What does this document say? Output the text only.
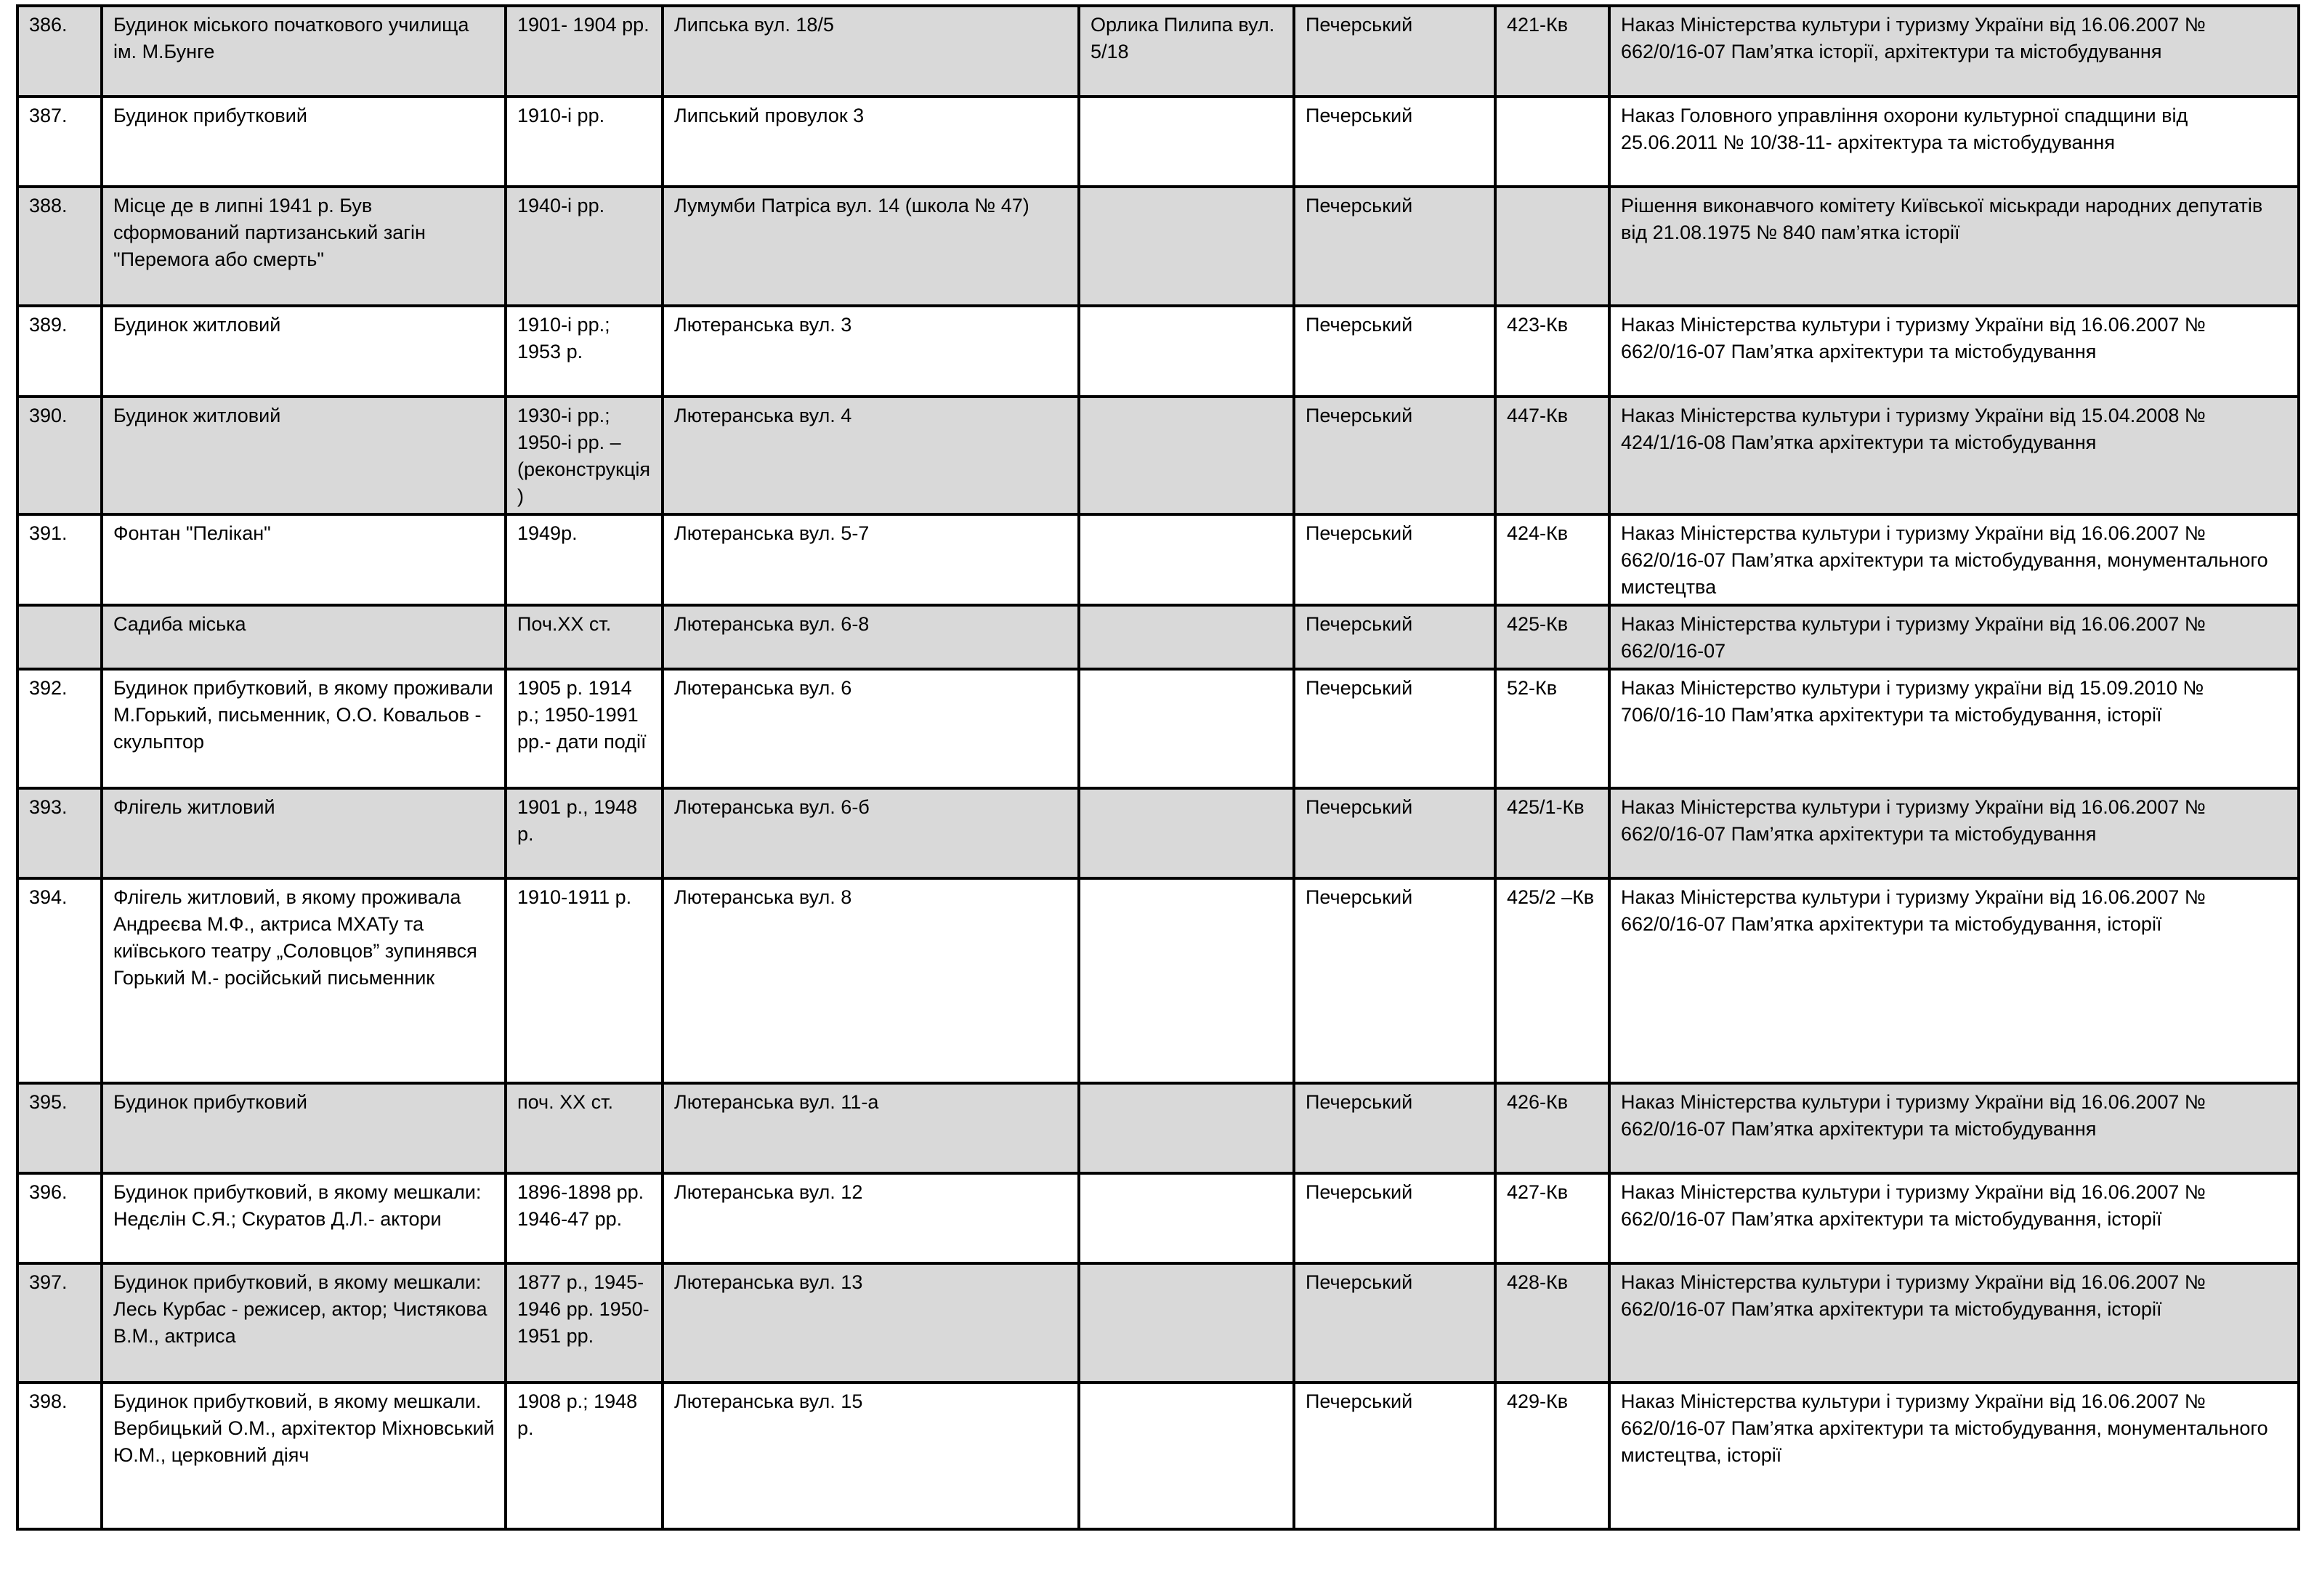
386.	Будинок міського початкового училища ім. М.Бунге	1901- 1904 рр.	Липська вул. 18/5	Орлика Пилипа вул. 5/18	Печерський	421-Кв	Наказ Міністерства культури і туризму України від 16.06.2007 № 662/0/16-07 Пам’ятка історії, архітектури та містобудування
387.	Будинок прибутковий	1910-і рр.	Липський провулок 3		Печерський		Наказ Головного управління охорони культурної спадщини від 25.06.2011 № 10/38-11- архітектура та містобудування
388.	Місце де в липні 1941 р. Був сформований партизанський загін "Перемога або смерть"	1940-і рр.	Лумумби Патріса вул. 14 (школа № 47)		Печерський		Рішення виконавчого комітету Київської міськради народних депутатів від 21.08.1975 № 840 пам’ятка історії
389.	Будинок житловий	1910-і рр.; 1953 р.	Лютеранська вул. 3		Печерський	423-Кв	Наказ Міністерства культури і туризму України від 16.06.2007 № 662/0/16-07 Пам’ятка архітектури та містобудування
390.	Будинок житловий	1930-і рр.; 1950-і рр. – (реконструкція)	Лютеранська вул. 4		Печерський	447-Кв	Наказ Міністерства культури і туризму України від 15.04.2008 № 424/1/16-08 Пам’ятка архітектури та містобудування
391.	Фонтан "Пелікан"	1949р.	Лютеранська вул. 5-7		Печерський	424-Кв	Наказ Міністерства культури і туризму України від 16.06.2007 № 662/0/16-07 Пам’ятка архітектури та містобудування, монументального мистецтва
	Садиба міська	Поч.ХХ ст.	Лютеранська вул. 6-8		Печерський	425-Кв	Наказ Міністерства культури і туризму України від 16.06.2007 № 662/0/16-07
392.	Будинок прибутковий, в якому проживали М.Горький, письменник, О.О. Ковальов - скульптор	1905 р. 1914 р.; 1950-1991 рр.- дати події	Лютеранська вул. 6		Печерський	52-Кв	Наказ Міністерство культури і туризму україни від 15.09.2010 № 706/0/16-10 Пам’ятка архітектури та містобудування, історії
393.	Флігель житловий	1901 р., 1948 р.	Лютеранська вул. 6-б		Печерський	425/1-Кв	Наказ Міністерства культури і туризму України від 16.06.2007 № 662/0/16-07 Пам’ятка архітектури та містобудування
394.	Флігель житловий, в якому проживала Андреєва М.Ф., актриса МХАТу та київського театру „Соловцов” зупинявся Горький М.- російський письменник	1910-1911 р.	Лютеранська вул. 8		Печерський	425/2 –Кв	Наказ Міністерства культури і туризму України від 16.06.2007 № 662/0/16-07 Пам’ятка архітектури та містобудування, історії
395.	Будинок прибутковий	поч. ХХ ст.	Лютеранська вул. 11-а		Печерський	426-Кв	Наказ Міністерства культури і туризму України від 16.06.2007 № 662/0/16-07 Пам’ятка архітектури та містобудування
396.	Будинок прибутковий, в якому мешкали: Недєлін С.Я.; Скуратов Д.Л.- актори	1896-1898 рр. 1946-47 рр.	Лютеранська вул. 12		Печерський	427-Кв	Наказ Міністерства культури і туризму України від 16.06.2007 № 662/0/16-07 Пам’ятка архітектури та містобудування, історії
397.	Будинок прибутковий, в якому мешкали: Лесь Курбас - режисер, актор; Чистякова В.М., актриса	1877 р., 1945-1946 рр. 1950- 1951 рр.	Лютеранська вул. 13		Печерський	428-Кв	Наказ Міністерства культури і туризму України від 16.06.2007 № 662/0/16-07 Пам’ятка архітектури та містобудування, історії
398.	Будинок прибутковий, в якому мешкали. Вербицький О.М., архітектор Міхновський Ю.М., церковний діяч	1908 р.; 1948 р.	Лютеранська вул. 15		Печерський	429-Кв	Наказ Міністерства культури і туризму України від 16.06.2007 № 662/0/16-07 Пам’ятка архітектури та містобудування, монументального мистецтва, історії
